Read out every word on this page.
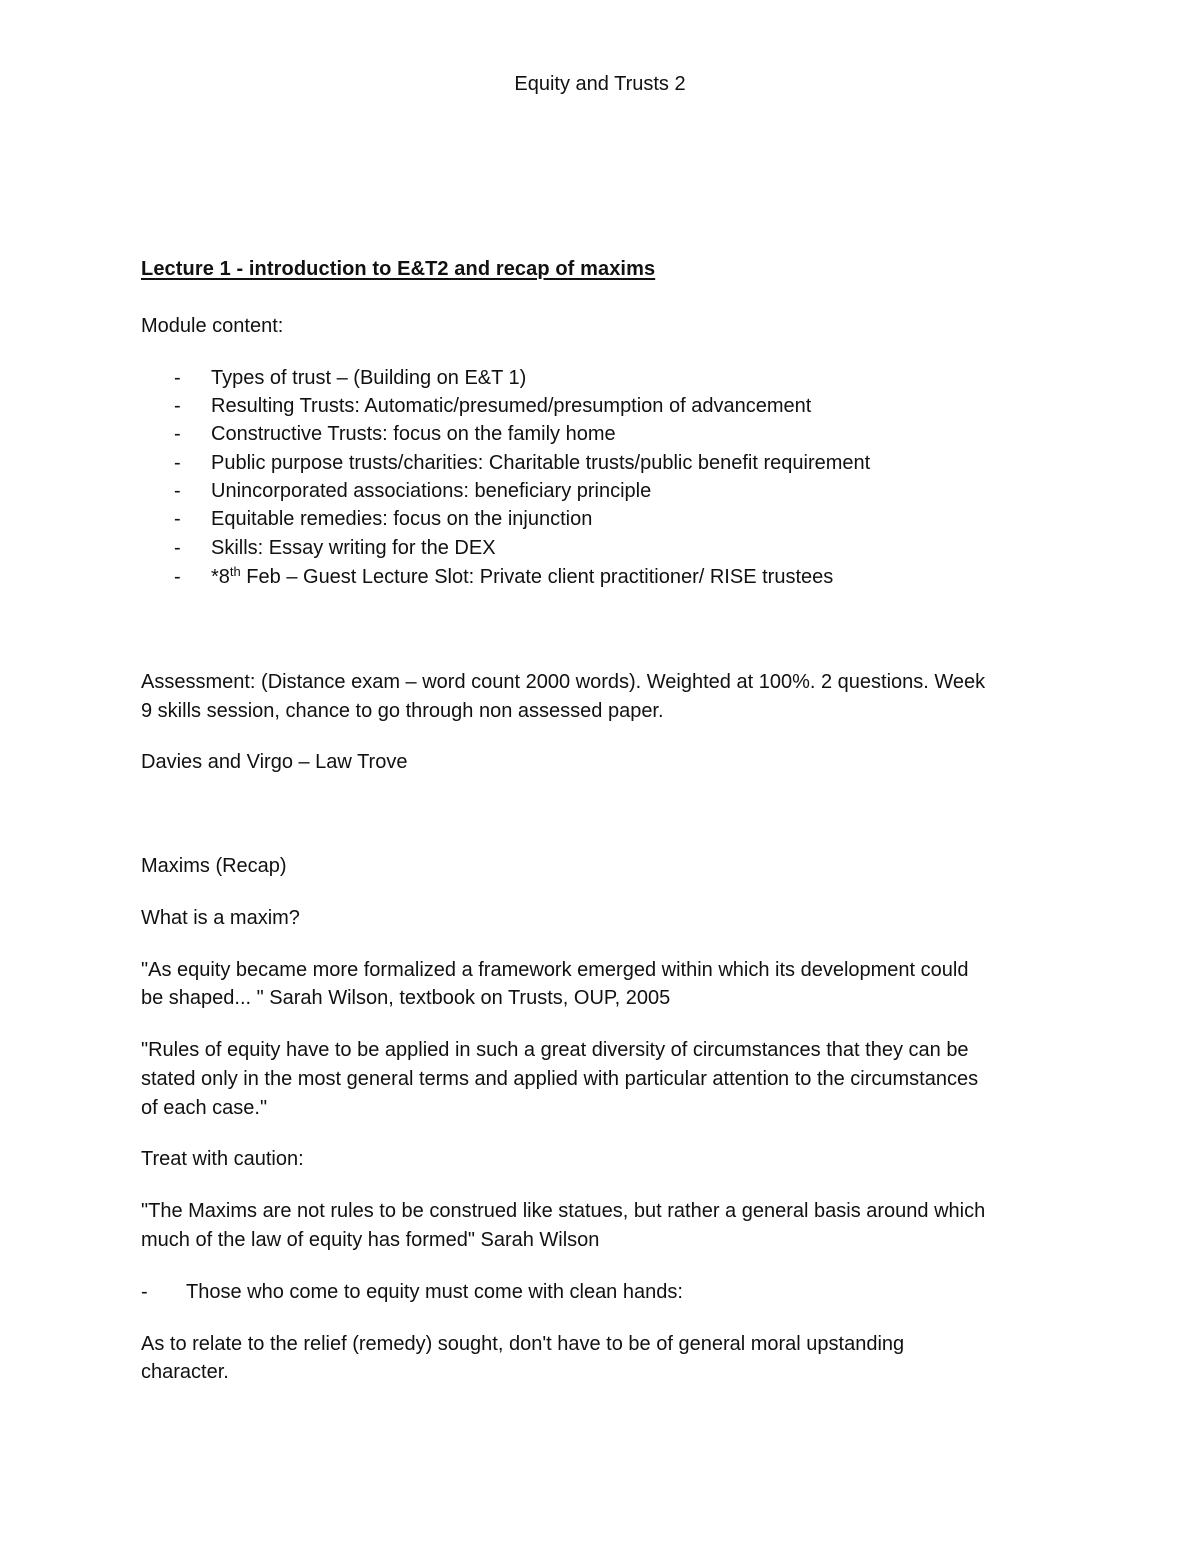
Equity and Trusts 2
Lecture 1 - introduction to E&T2 and recap of maxims
Module content:
- Types of trust – (Building on E&T 1)
- Resulting Trusts: Automatic/presumed/presumption of advancement
- Constructive Trusts: focus on the family home
- Public purpose trusts/charities: Charitable trusts/public benefit requirement
- Unincorporated associations: beneficiary principle
- Equitable remedies: focus on the injunction
- Skills: Essay writing for the DEX
- *8th Feb – Guest Lecture Slot: Private client practitioner/ RISE trustees
Assessment: (Distance exam – word count 2000 words). Weighted at 100%. 2 questions. Week
9 skills session, chance to go through non assessed paper.
Davies and Virgo – Law Trove
Maxims (Recap)
What is a maxim?
"As equity became more formalized a framework emerged within which its development could
be shaped... " Sarah Wilson, textbook on Trusts, OUP, 2005
"Rules of equity have to be applied in such a great diversity of circumstances that they can be
stated only in the most general terms and applied with particular attention to the circumstances
of each case."
Treat with caution:
"The Maxims are not rules to be construed like statues, but rather a general basis around which
much of the law of equity has formed" Sarah Wilson
- Those who come to equity must come with clean hands:
As to relate to the relief (remedy) sought, don't have to be of general moral upstanding
character.
